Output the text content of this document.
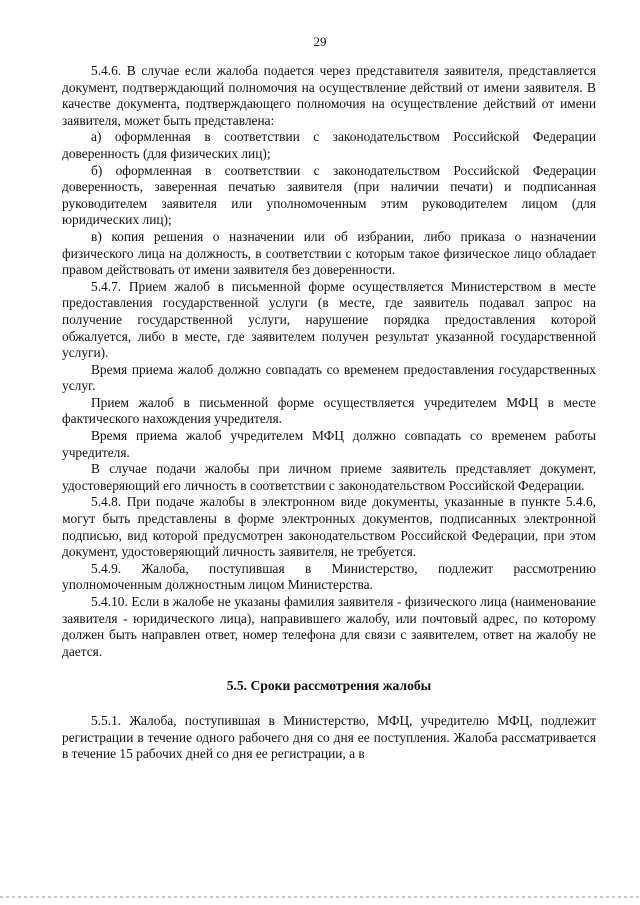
29

5.4.6. В случае если жалоба подается через представителя заявителя, представляется документ, подтверждающий полномочия на осуществление действий от имени заявителя. В качестве документа, подтверждающего полномочия на осуществление действий от имени заявителя, может быть представлена:

а) оформленная в соответствии с законодательством Российской Федерации доверенность (для физических лиц);

б) оформленная в соответствии с законодательством Российской Федерации доверенность, заверенная печатью заявителя (при наличии печати) и подписанная руководителем заявителя или уполномоченным этим руководителем лицом (для юридических лиц);

в) копия решения о назначении или об избрании, либо приказа о назначении физического лица на должность, в соответствии с которым такое физическое лицо обладает правом действовать от имени заявителя без доверенности.

5.4.7. Прием жалоб в письменной форме осуществляется Министерством в месте предоставления государственной услуги (в месте, где заявитель подавал запрос на получение государственной услуги, нарушение порядка предоставления которой обжалуется, либо в месте, где заявителем получен результат указанной государственной услуги).

Время приема жалоб должно совпадать со временем предоставления государственных услуг.

Прием жалоб в письменной форме осуществляется учредителем МФЦ в месте фактического нахождения учредителя.

Время приема жалоб учредителем МФЦ должно совпадать со временем работы учредителя.

В случае подачи жалобы при личном приеме заявитель представляет документ, удостоверяющий его личность в соответствии с законодательством Российской Федерации.

5.4.8. При подаче жалобы в электронном виде документы, указанные в пункте 5.4.6, могут быть представлены в форме электронных документов, подписанных электронной подписью, вид которой предусмотрен законодательством Российской Федерации, при этом документ, удостоверяющий личность заявителя, не требуется.

5.4.9. Жалоба, поступившая в Министерство, подлежит рассмотрению уполномоченным должностным лицом Министерства.

5.4.10. Если в жалобе не указаны фамилия заявителя - физического лица (наименование заявителя - юридического лица), направившего жалобу, или почтовый адрес, по которому должен быть направлен ответ, номер телефона для связи с заявителем, ответ на жалобу не дается.

5.5. Сроки рассмотрения жалобы

5.5.1. Жалоба, поступившая в Министерство, МФЦ, учредителю МФЦ, подлежит регистрации в течение одного рабочего дня со дня ее поступления. Жалоба рассматривается в течение 15 рабочих дней со дня ее регистрации, а в
